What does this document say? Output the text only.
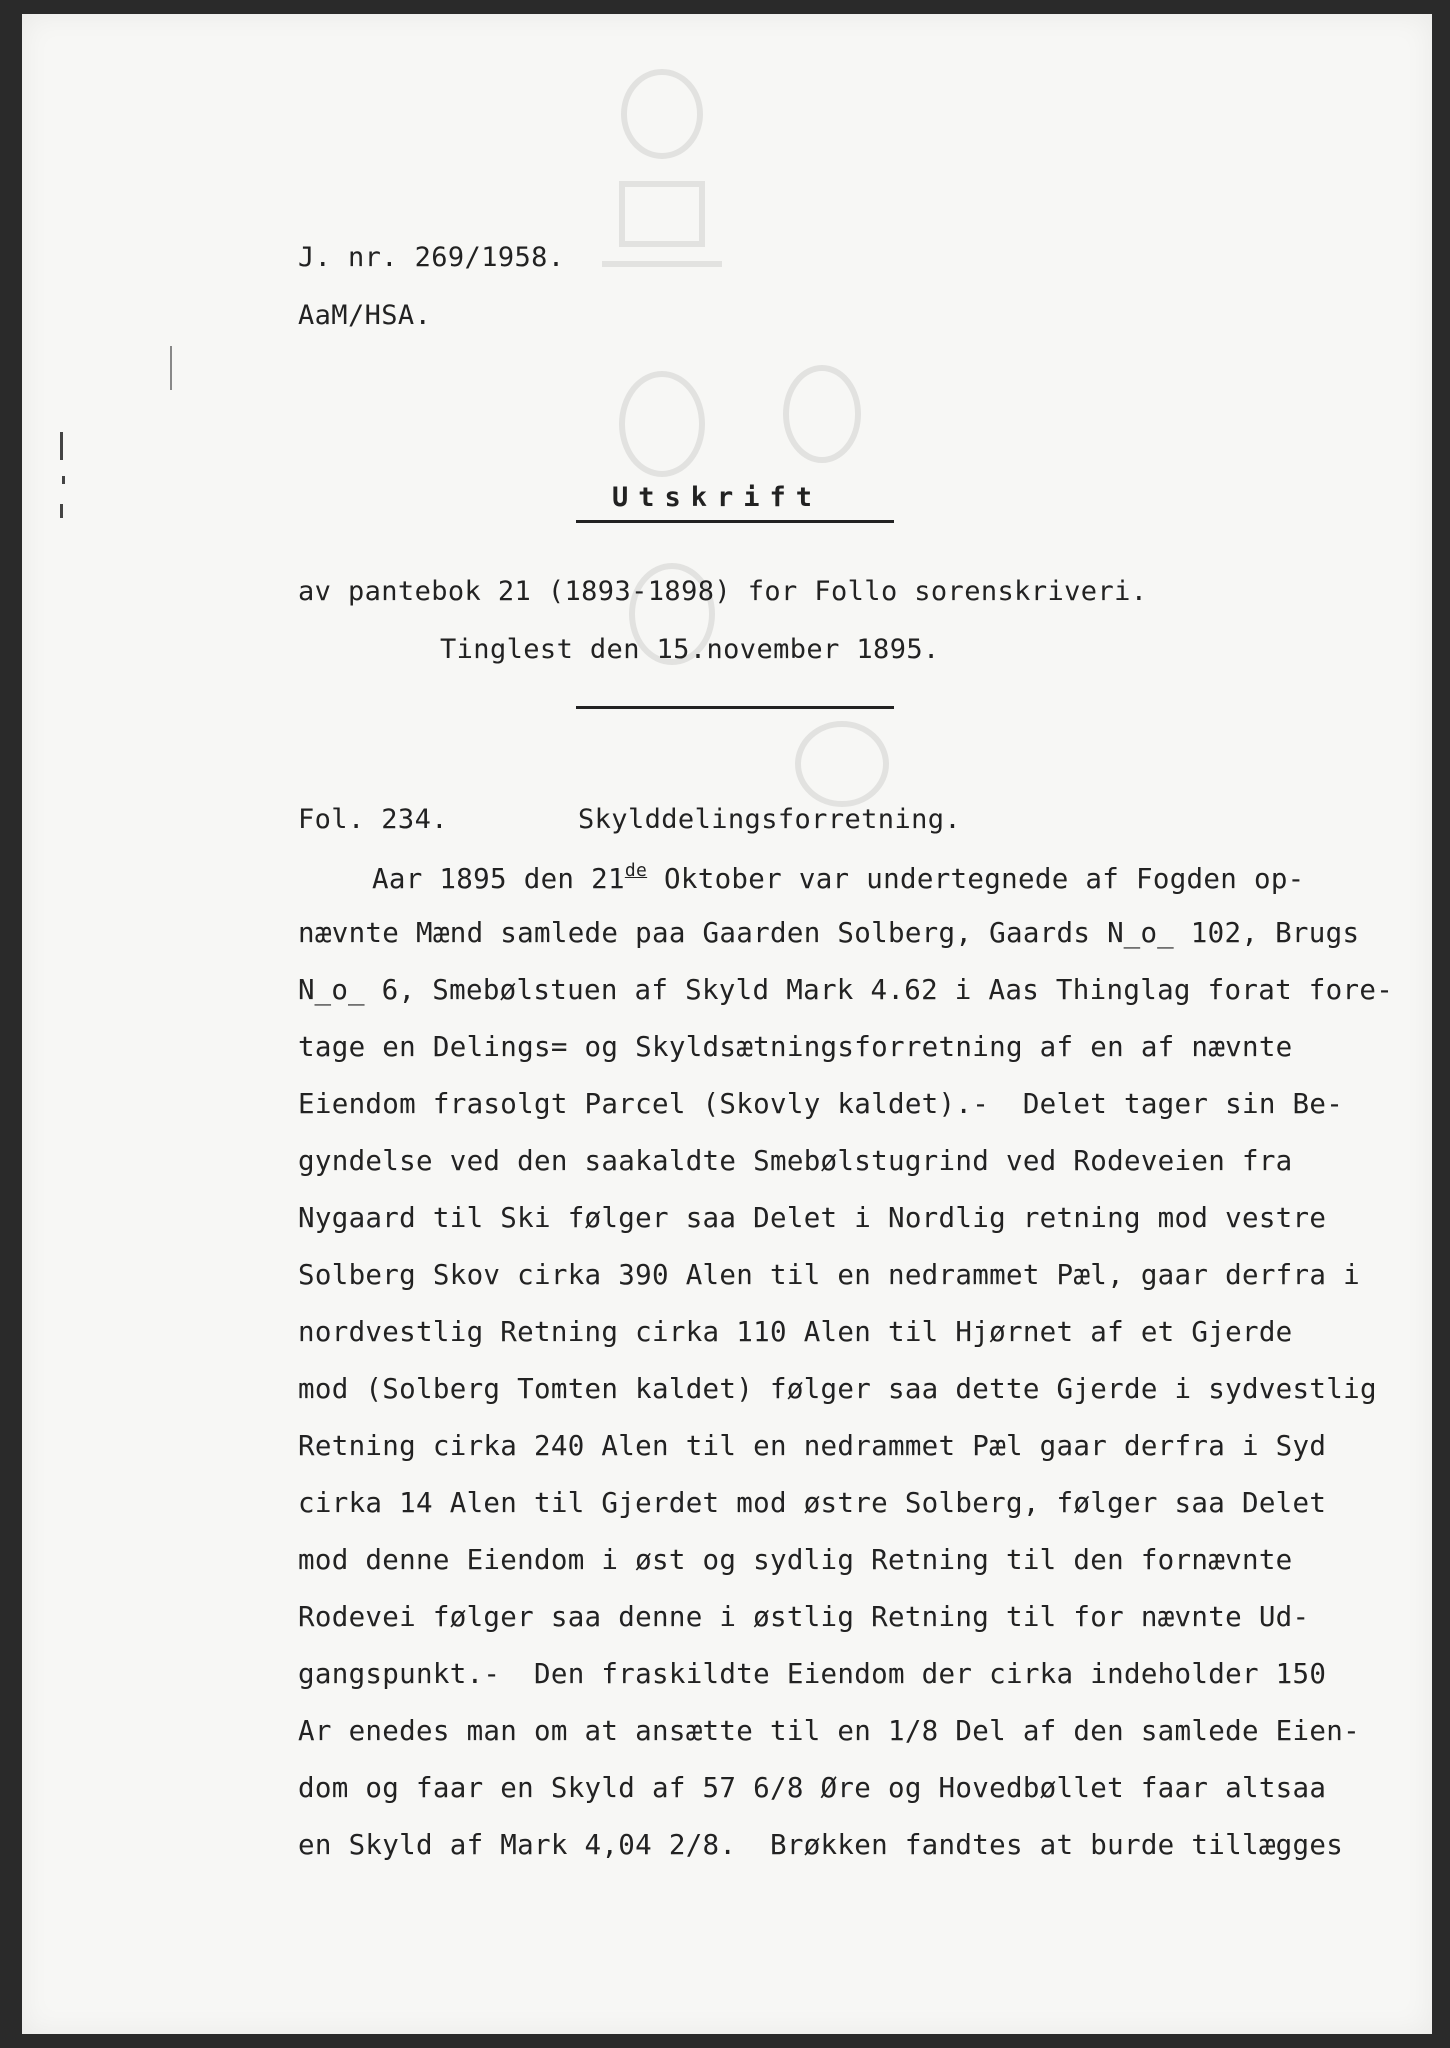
J. nr. 269/1958.
AaM/HSA.
Utskrift
av pantebok 21 (1893-1898) for Follo sorenskriveri.
Tinglest den 15.november 1895.
Fol. 234.	Skylddelingsforretning.
Aar 1895 den 21de Oktober var undertegnede af Fogden op-
nævnte Mænd samlede paa Gaarden Solberg, Gaards N̲o̲ 102, Brugs
N̲o̲ 6, Smebølstuen af Skyld Mark 4.62 i Aas Thinglag forat fore-
tage en Delings= og Skyldsætningsforretning af en af nævnte
Eiendom frasolgt Parcel (Skovly kaldet).-  Delet tager sin Be-
gyndelse ved den saakaldte Smebølstugrind ved Rodeveien fra
Nygaard til Ski følger saa Delet i Nordlig retning mod vestre
Solberg Skov cirka 390 Alen til en nedrammet Pæl, gaar derfra i
nordvestlig Retning cirka 110 Alen til Hjørnet af et Gjerde
mod (Solberg Tomten kaldet) følger saa dette Gjerde i sydvestlig
Retning cirka 240 Alen til en nedrammet Pæl gaar derfra i Syd
cirka 14 Alen til Gjerdet mod østre Solberg, følger saa Delet
mod denne Eiendom i øst og sydlig Retning til den fornævnte
Rodevei følger saa denne i østlig Retning til for nævnte Ud-
gangspunkt.-  Den fraskildte Eiendom der cirka indeholder 150
Ar enedes man om at ansætte til en 1/8 Del af den samlede Eien-
dom og faar en Skyld af 57 6/8 Øre og Hovedbøllet faar altsaa
en Skyld af Mark 4,04 2/8.  Brøkken fandtes at burde tillægges
